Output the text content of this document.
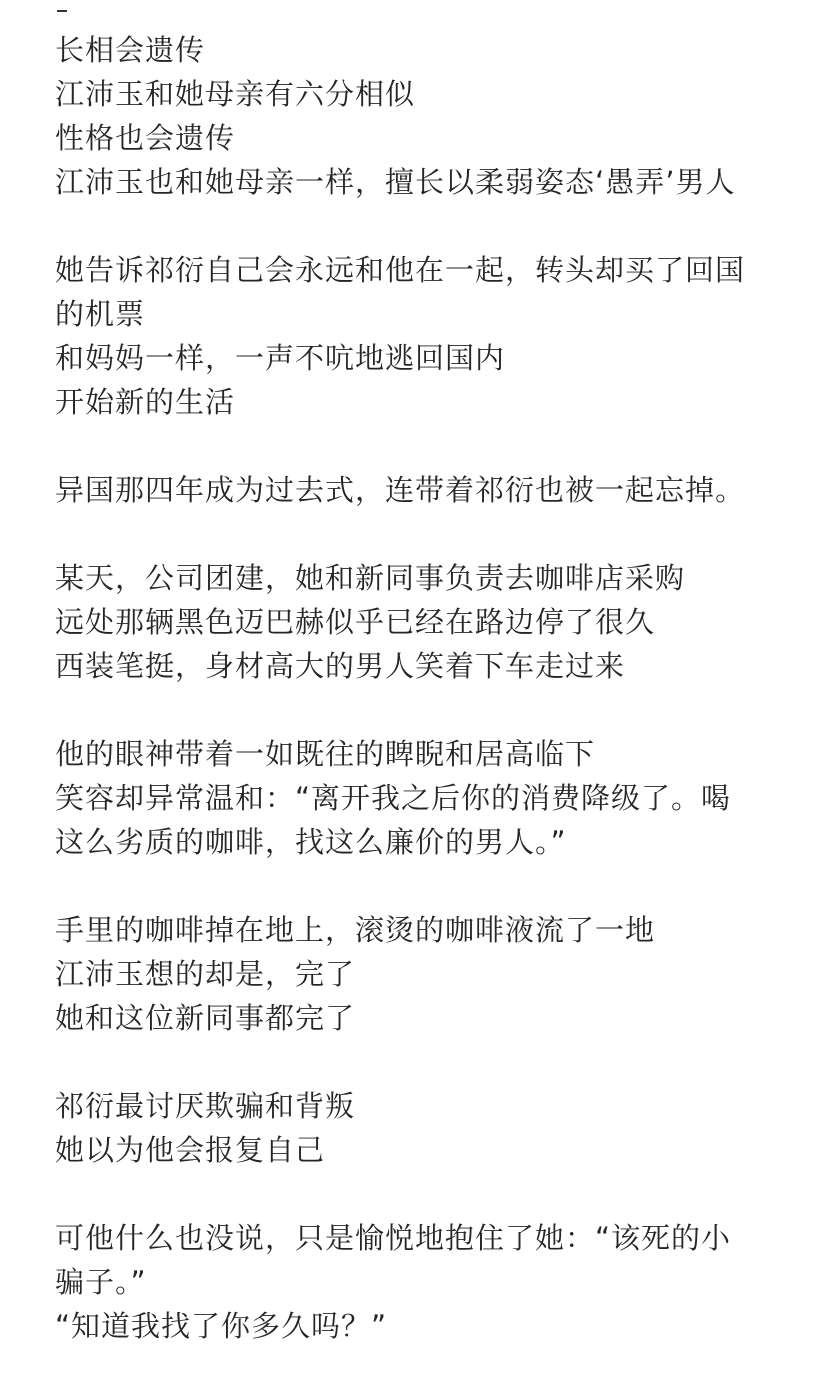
长相会遗传
江沛玉和她母亲有六分相似
性格也会遗传
江沛玉也和她母亲一样，擅长以柔弱姿态‘愚弄’男人
她告诉祁衍自己会永远和他在一起，转头却买了回国
的机票
和妈妈一样，一声不吭地逃回国内
开始新的生活
异国那四年成为过去式，连带着祁衍也被一起忘掉。
某天，公司团建，她和新同事负责去咖啡店采购
远处那辆黑色迈巴赫似乎已经在路边停了很久
西装笔挺，身材高大的男人笑着下车走过来
他的眼神带着一如既往的睥睨和居高临下
笑容却异常温和：“离开我之后你的消费降级了。喝
这么劣质的咖啡，找这么廉价的男人。”
手里的咖啡掉在地上，滚烫的咖啡液流了一地
江沛玉想的却是，完了
她和这位新同事都完了
祁衍最讨厌欺骗和背叛
她以为他会报复自己
可他什么也没说，只是愉悦地抱住了她：“该死的小
骗子。”
“知道我找了你多久吗？”
